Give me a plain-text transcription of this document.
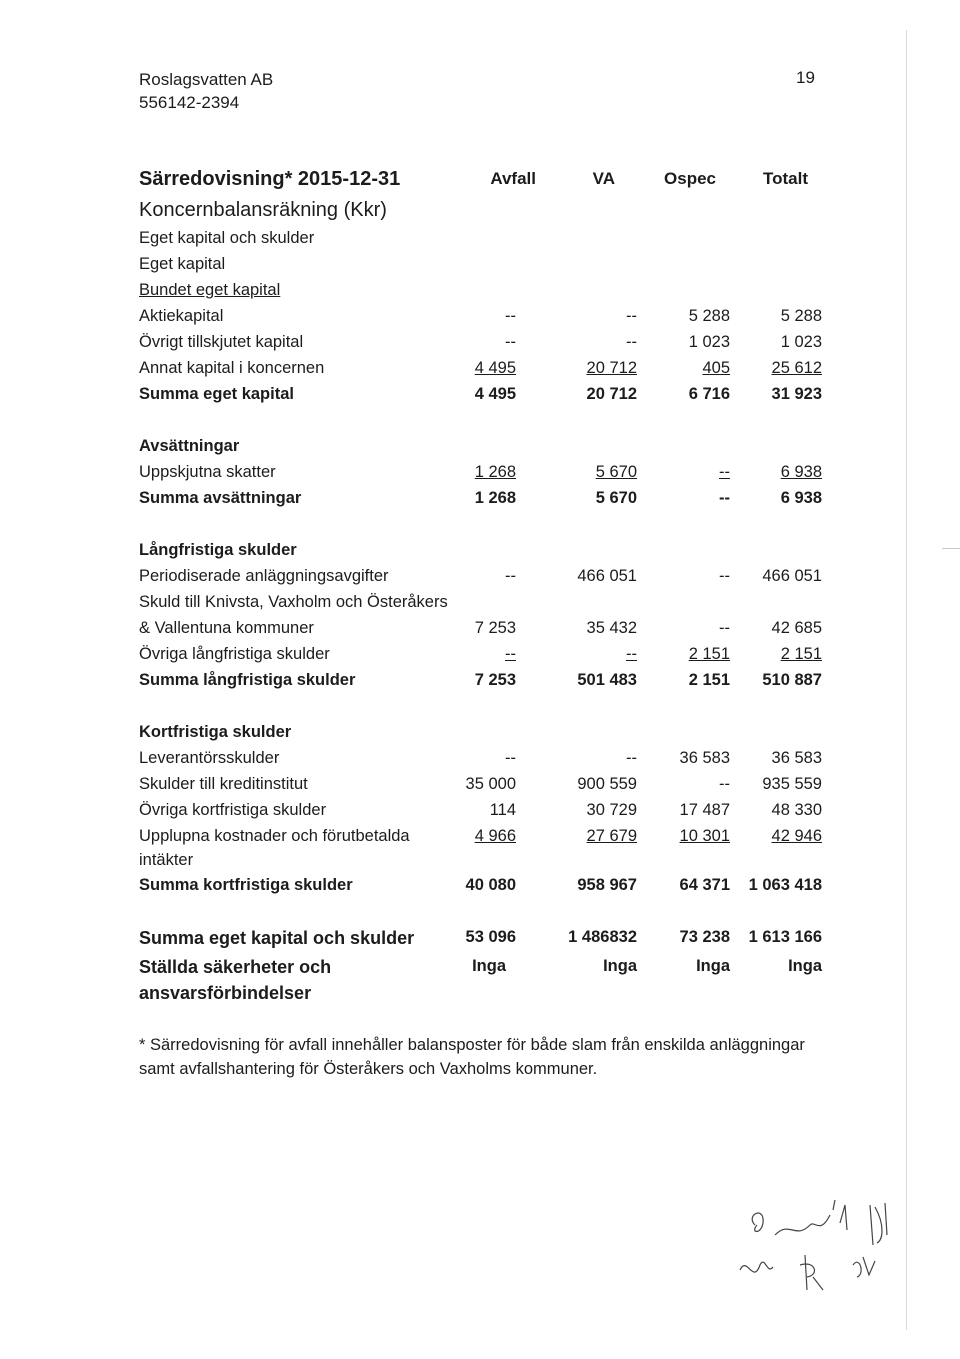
Roslagsvatten AB
556142-2394
19
Särredovisning* 2015-12-31
Koncernbalansräkning (Kkr)
Avfall	VA	Ospec	Totalt
Eget kapital och skulder
Eget kapital
Bundet eget kapital
Aktiekapital	--	--	5 288	5 288
Övrigt tillskjutet kapital	--	--	1 023	1 023
Annat kapital i koncernen	4 495	20 712	405	25 612
Summa eget kapital	4 495	20 712	6 716	31 923
Avsättningar
Uppskjutna skatter	1 268	5 670	--	6 938
Summa avsättningar	1 268	5 670	--	6 938
Långfristiga skulder
Periodiserade anläggningsavgifter	--	466 051	--	466 051
Skuld till Knivsta, Vaxholm och Österåkers
& Vallentuna kommuner	7 253	35 432	--	42 685
Övriga långfristiga skulder	--	--	2 151	2 151
Summa långfristiga skulder	7 253	501 483	2 151	510 887
Kortfristiga skulder
Leverantörsskulder	--	--	36 583	36 583
Skulder till kreditinstitut	35 000	900 559	--	935 559
Övriga kortfristiga skulder	114	30 729	17 487	48 330
Upplupna kostnader och förutbetalda	4 966	27 679	10 301	42 946
intäkter
Summa kortfristiga skulder	40 080	958 967	64 371	1 063 418
Summa eget kapital och skulder	53 096	1 486832	73 238	1 613 166
Ställda säkerheter och	Inga	Inga	Inga	Inga
ansvarsförbindelser
* Särredovisning för avfall innehåller balansposter för både slam från enskilda anläggningar samt avfallshantering för Österåkers och Vaxholms kommuner.
